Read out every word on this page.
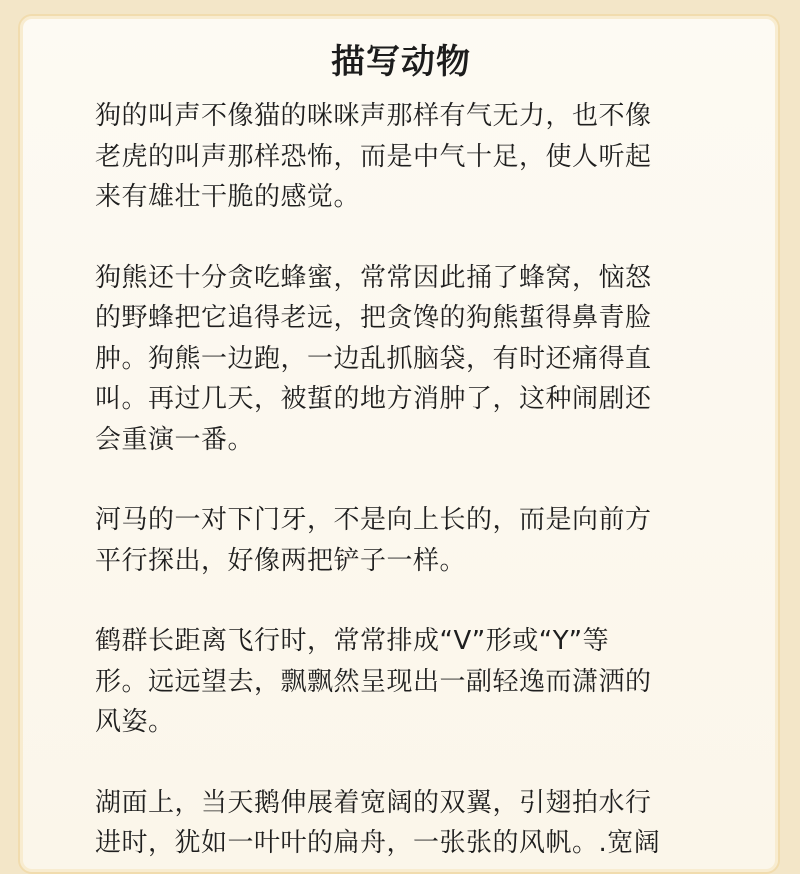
描写动物
狗的叫声不像猫的咪咪声那样有气无力，也不像
老虎的叫声那样恐怖，而是中气十足，使人听起
来有雄壮干脆的感觉。
狗熊还十分贪吃蜂蜜，常常因此捅了蜂窝，恼怒
的野蜂把它追得老远，把贪馋的狗熊蜇得鼻青脸
肿。狗熊一边跑，一边乱抓脑袋，有时还痛得直
叫。再过几天，被蜇的地方消肿了，这种闹剧还
会重演一番。
河马的一对下门牙，不是向上长的，而是向前方
平行探出，好像两把铲子一样。
鹤群长距离飞行时，常常排成“V”形或“Y”等
形。远远望去，飘飘然呈现出一副轻逸而潇洒的
风姿。
湖面上，当天鹅伸展着宽阔的双翼，引翅拍水行
进时，犹如一叶叶的扁舟，一张张的风帆。.宽阔
